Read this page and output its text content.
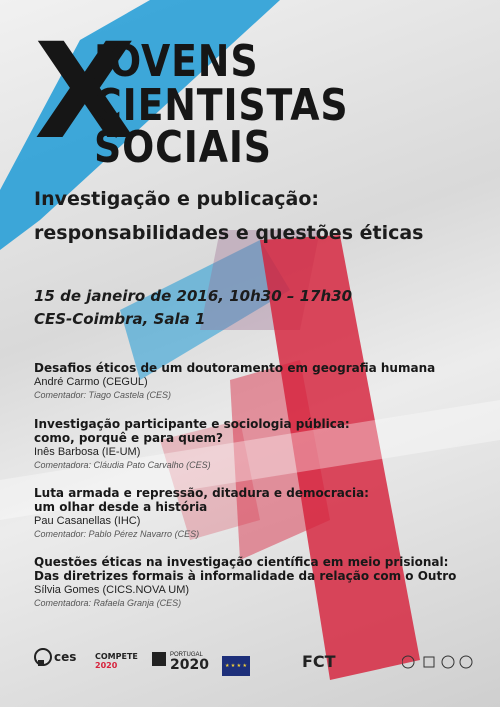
X
JOVENS
CIENTISTAS
SOCIAIS
Investigação e publicação:
responsabilidades e questões éticas
15 de janeiro de 2016, 10h30 – 17h30
CES-Coimbra, Sala 1
Desafios éticos de um doutoramento em geografia humana
André Carmo (CEGUL)
Comentador: Tiago Castela (CES)
Investigação participante e sociologia pública:
como, porquê e para quem?
Inês Barbosa (IE-UM)
Comentadora: Cláudia Pato Carvalho (CES)
Luta armada e repressão, ditadura e democracia:
um olhar desde a história
Pau Casanellas (IHC)
Comentador: Pablo Pérez Navarro (CES)
Questões éticas na investigação científica em meio prisional:
Das diretrizes formais à informalidade da relação com o Outro
Sílvia Gomes (CICS.NOVA UM)
Comentadora: Rafaela Granja (CES)
ces COMPETE
2020
PORTUGAL
2020	★ ★ ★ ★	FCT
